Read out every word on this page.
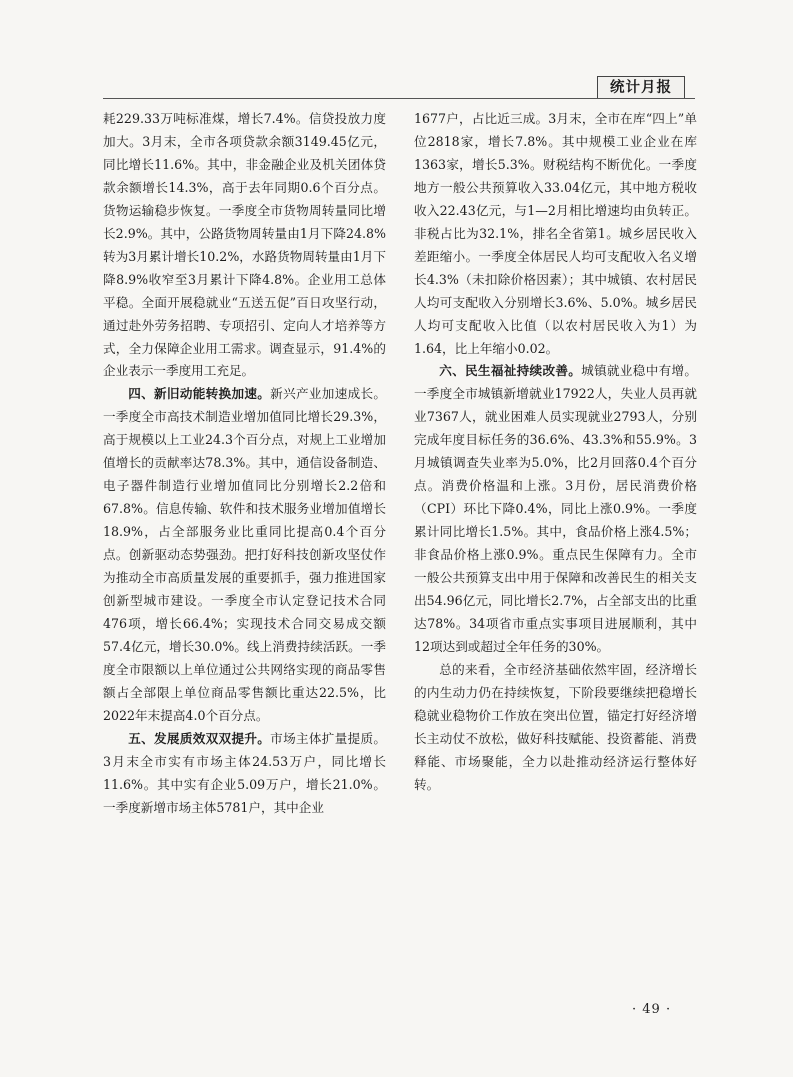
统计月报

耗229.33万吨标准煤，增长7.4%。信贷投放力度加大。3月末，全市各项贷款余额3149.45亿元，同比增长11.6%。其中，非金融企业及机关团体贷款余额增长14.3%，高于去年同期0.6个百分点。货物运输稳步恢复。一季度全市货物周转量同比增长2.9%。其中，公路货物周转量由1月下降24.8%转为3月累计增长10.2%，水路货物周转量由1月下降8.9%收窄至3月累计下降4.8%。企业用工总体平稳。全面开展稳就业“五送五促”百日攻坚行动，通过赴外劳务招聘、专项招引、定向人才培养等方式，全力保障企业用工需求。调查显示，91.4%的企业表示一季度用工充足。

四、新旧动能转换加速。新兴产业加速成长。一季度全市高技术制造业增加值同比增长29.3%，高于规模以上工业24.3个百分点，对规上工业增加值增长的贡献率达78.3%。其中，通信设备制造、电子器件制造行业增加值同比分别增长2.2倍和67.8%。信息传输、软件和技术服务业增加值增长18.9%，占全部服务业比重同比提高0.4个百分点。创新驱动态势强劲。把打好科技创新攻坚仗作为推动全市高质量发展的重要抓手，强力推进国家创新型城市建设。一季度全市认定登记技术合同476项，增长66.4%；实现技术合同交易成交额57.4亿元，增长30.0%。线上消费持续活跃。一季度全市限额以上单位通过公共网络实现的商品零售额占全部限上单位商品零售额比重达22.5%，比2022年末提高4.0个百分点。

五、发展质效双双提升。市场主体扩量提质。3月末全市实有市场主体24.53万户，同比增长11.6%。其中实有企业5.09万户，增长21.0%。一季度新增市场主体5781户，其中企业

1677户，占比近三成。3月末，全市在库“四上”单位2818家，增长7.8%。其中规模工业企业在库1363家，增长5.3%。财税结构不断优化。一季度地方一般公共预算收入33.04亿元，其中地方税收收入22.43亿元，与1—2月相比增速均由负转正。非税占比为32.1%，排名全省第1。城乡居民收入差距缩小。一季度全体居民人均可支配收入名义增长4.3%（未扣除价格因素）；其中城镇、农村居民人均可支配收入分别增长3.6%、5.0%。城乡居民人均可支配收入比值（以农村居民收入为1）为1.64，比上年缩小0.02。

六、民生福祉持续改善。城镇就业稳中有增。一季度全市城镇新增就业17922人，失业人员再就业7367人，就业困难人员实现就业2793人，分别完成年度目标任务的36.6%、43.3%和55.9%。3月城镇调查失业率为5.0%，比2月回落0.4个百分点。消费价格温和上涨。3月份，居民消费价格（CPI）环比下降0.4%，同比上涨0.9%。一季度累计同比增长1.5%。其中，食品价格上涨4.5%；非食品价格上涨0.9%。重点民生保障有力。全市一般公共预算支出中用于保障和改善民生的相关支出54.96亿元，同比增长2.7%，占全部支出的比重达78%。34项省市重点实事项目进展顺利，其中12项达到或超过全年任务的30%。

总的来看，全市经济基础依然牢固，经济增长的内生动力仍在持续恢复，下阶段要继续把稳增长稳就业稳物价工作放在突出位置，锚定打好经济增长主动仗不放松，做好科技赋能、投资蓄能、消费释能、市场聚能，全力以赴推动经济运行整体好转。

· 49 ·
